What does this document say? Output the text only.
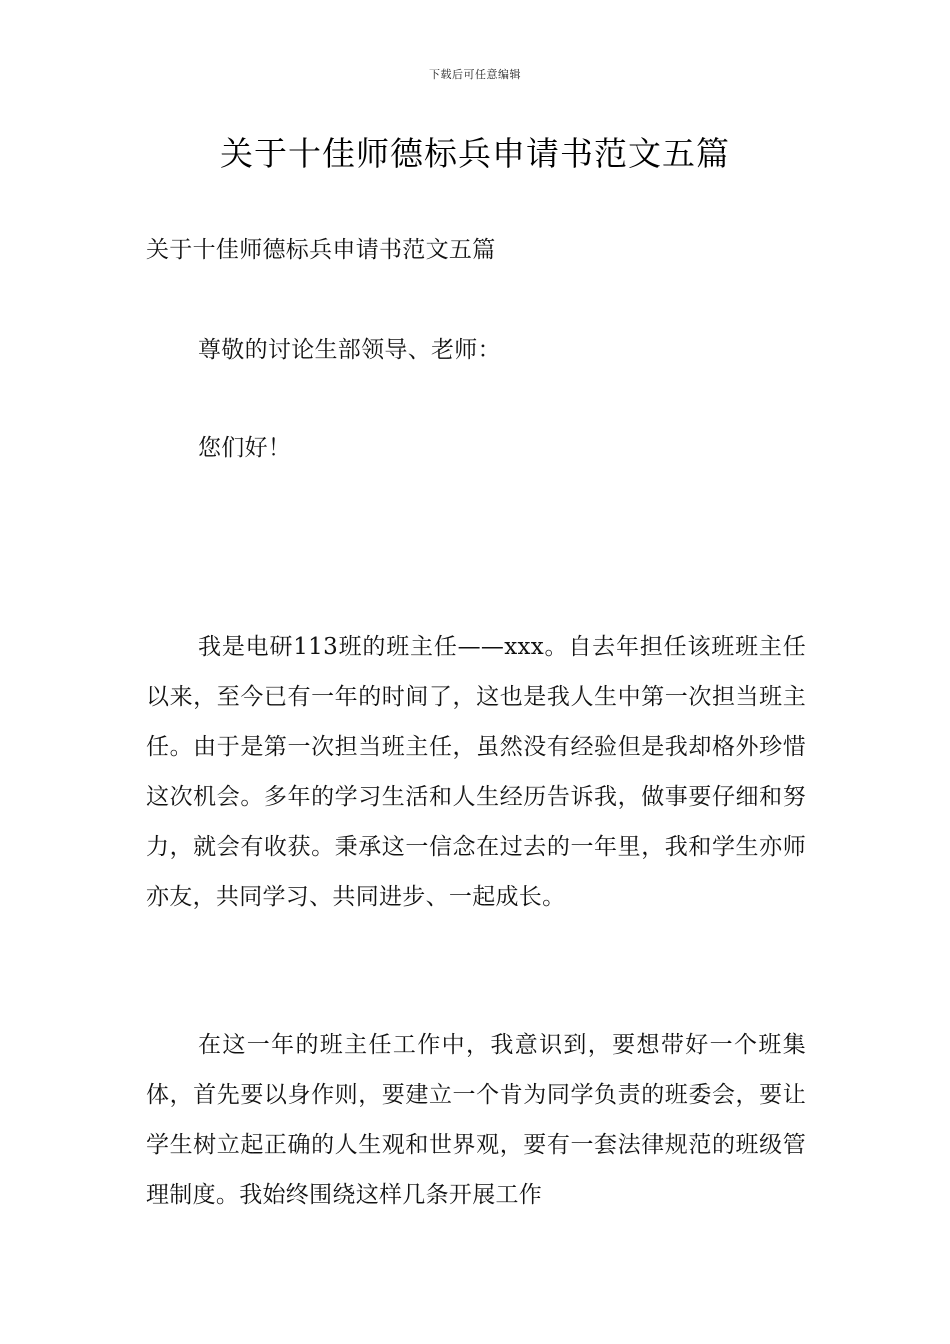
下载后可任意编辑
关于十佳师德标兵申请书范文五篇

关于十佳师德标兵申请书范文五篇

尊敬的讨论生部领导、老师：

您们好！

我是电研113班的班主任——xxx。自去年担任该班班主任以来，至今已有一年的时间了，这也是我人生中第一次担当班主任。由于是第一次担当班主任，虽然没有经验但是我却格外珍惜这次机会。多年的学习生活和人生经历告诉我，做事要仔细和努力，就会有收获。秉承这一信念在过去的一年里，我和学生亦师亦友，共同学习、共同进步、一起成长。

在这一年的班主任工作中，我意识到，要想带好一个班集体，首先要以身作则，要建立一个肯为同学负责的班委会，要让学生树立起正确的人生观和世界观，要有一套法律规范的班级管理制度。我始终围绕这样几条开展工作
